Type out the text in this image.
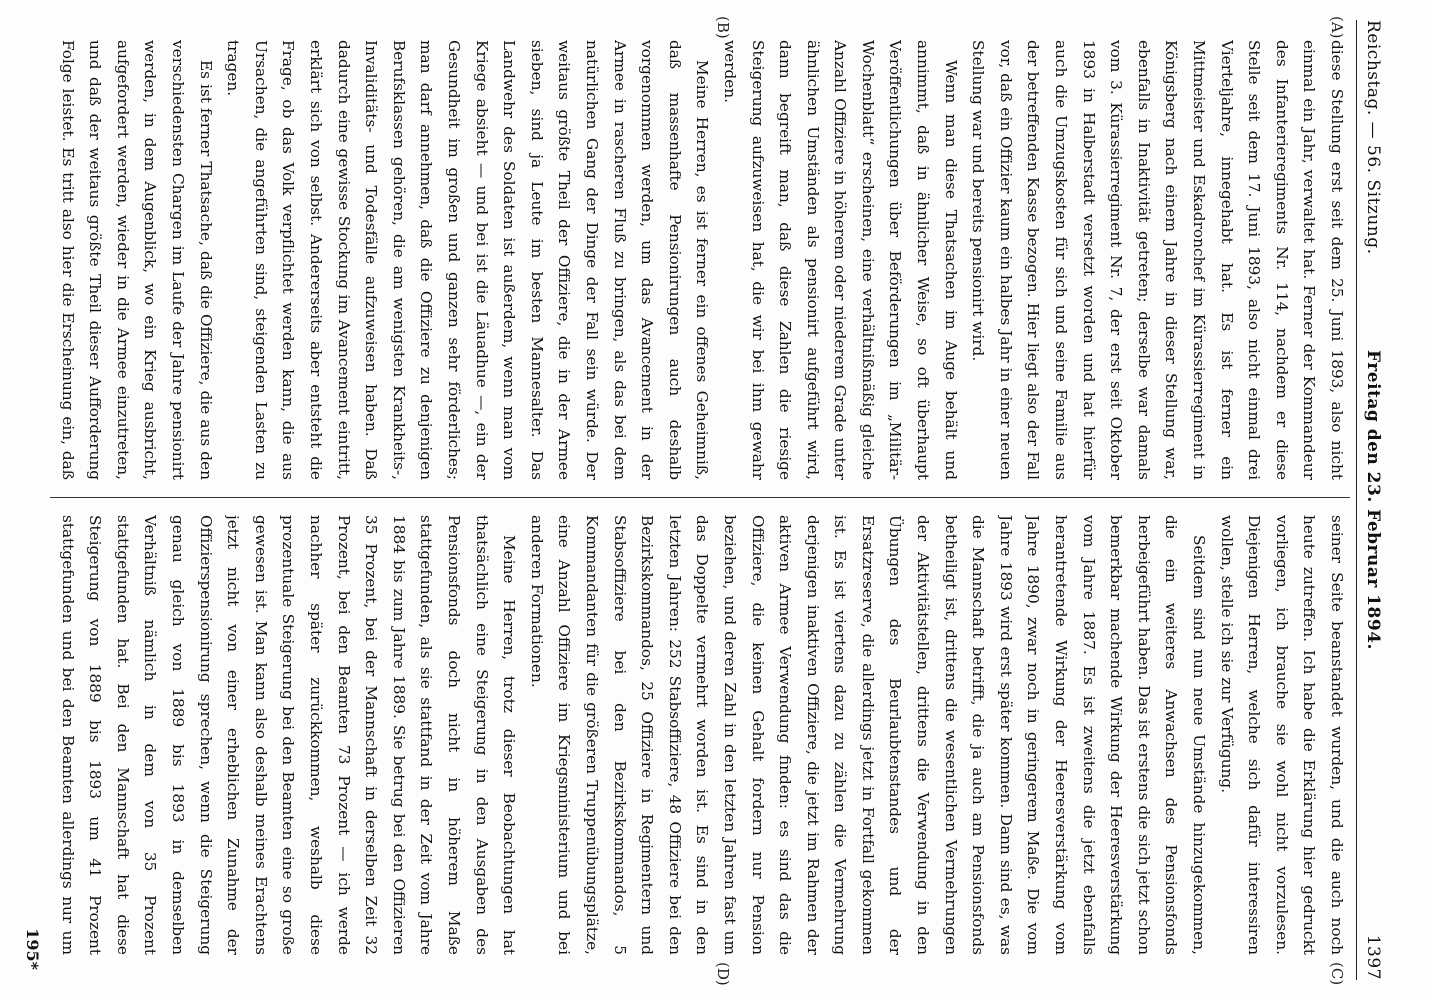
Reichstag. — 56. Sitzung.
Freitag den 23. Februar 1894.
1397
(A)
(B)
(C)
(D)

diese Stellung erst seit dem 25. Juni 1893, also nicht einmal ein Jahr, verwaltet hat. Ferner der Kommandeur des Infanterieregiments Nr. 114, nachdem er diese Stelle seit dem 17. Juni 1893, also nicht einmal drei Vierteljahre, innegehabt hat. Es ist ferner ein Mittmeister und Eskadronchef im Kürassierregiment in Königsberg nach einem Jahre in dieser Stellung war, ebenfalls in Inaktivität getreten; derselbe war damals vom 3. Kürassierregiment Nr. 7, der erst seit Oktober 1893 in Halberstadt versetzt worden und hat hierfür auch die Umzugskosten für sich und seine Familie aus der betreffenden Kasse bezogen. Hier liegt also der Fall vor, daß ein Offizier kaum ein halbes Jahr in einer neuen Stellung war und bereits pensionirt wird.

Wenn man diese Thatsachen im Auge behält und annimmt, daß in ähnlicher Weise, so oft überhaupt Veröffentlichungen über Beförderungen im „Militär-Wochenblatt“ erscheinen, eine verhältnißmäßig gleiche Anzahl Offiziere in höherem oder niederem Grade unter ähnlichen Umständen als pensionirt aufgeführt wird, dann begreift man, daß diese Zahlen die riesige Steigerung aufzuweisen hat, die wir bei ihm gewahr werden.

Meine Herren, es ist ferner ein offenes Geheimniß, daß massenhafte Pensionirungen auch deshalb vorgenommen werden, um das Avancement in der Armee in rascheren Fluß zu bringen, als das bei dem natürlichen Gang der Dinge der Fall sein würde. Der weitaus größte Theil der Offiziere, die in der Armee sieben, sind ja Leute im besten Mannesalter. Das Landwehr des Soldaten ist außerdem, wenn man vom Kriege absieht — und bei ist die Läuadhue —, ein der Gesundheit im großen und ganzen sehr förderliches; man darf annehmen, daß die Offiziere zu denjenigen Berufsklassen gehören, die am wenigsten Krankheits-, Invaliditäts- und Todesfälle aufzuweisen haben. Daß dadurch eine gewisse Stockung im Avancement eintritt, erklärt sich von selbst. Andererseits aber entsteht die Frage, ob das Volk verpflichtet werden kann, die aus Ursachen, die angeführten sind, steigenden Lasten zu tragen.

Es ist ferner Thatsache, daß die Offiziere, die aus den verschiedensten Chargen im Laufe der Jahre pensionirt werden, in dem Augenblick, wo ein Krieg ausbricht, aufgefordert werden, wieder in die Armee einzutreten, und daß der weitaus größte Theil dieser Aufforderung Folge leistet. Es tritt also hier die Erscheinung ein, daß

seiner Seite beanstandet wurden, und die auch noch heute zutreffen. Ich habe die Erklärung hier gedruckt vorliegen, ich brauche sie wohl nicht vorzulesen. Diejenigen Herren, welche sich dafür interessiren wollen, stelle ich sie zur Verfügung.

Seitdem sind nun neue Umstände hinzugekommen, die ein weiteres Anwachsen des Pensionsfonds herbeigeführt haben. Das ist erstens die sich jetzt schon bemerkbar machende Wirkung der Heeresverstärkung vom Jahre 1887. Es ist zweitens die jetzt ebenfalls herantretende Wirkung der Heeresverstärkung vom Jahre 1890, zwar noch in geringerem Maße. Die vom Jahre 1893 wird erst später kommen. Dann sind es, was die Mannschaft betrifft, die ja auch am Pensionsfonds betheiligt ist, drittens die wesentlichen Vermehrungen der Aktivitätstellen, drittens die Verwendung in den Übungen des Beurlaubtenstandes und der Ersatzreserve, die allerdings jetzt in Fortfall gekommen ist. Es ist viertens dazu zu zählen die Vermehrung derjenigen inaktiven Offiziere, die jetzt im Rahmen der aktiven Armee Verwendung finden: es sind das die Offiziere, die keinen Gehalt fordern nur Pension beziehen, und deren Zahl in den letzten Jahren fast um das Doppelte vermehrt worden ist. Es sind in den letzten Jahren: 252 Stabsoffiziere, 48 Offiziere bei den Bezirkskommandos, 25 Offiziere in Regimentern und Stabsoffiziere bei den Bezirkskommandos, 5 Kommandanten für die größeren Truppenübungsplätze, eine Anzahl Offiziere im Kriegsministerium und bei anderen Formationen.

Meine Herren, trotz dieser Beobachtungen hat thatsächlich eine Steigerung in den Ausgaben des Pensionsfonds doch nicht in höherem Maße stattgefunden, als sie stattfand in der Zeit vom Jahre 1884 bis zum Jahre 1889. Sie betrug bei den Offizieren 35 Prozent, bei der Mannschaft in derselben Zeit 32 Prozent, bei den Beamten 73 Prozent — ich werde nachher später zurückkommen, weshalb diese prozentuale Steigerung bei den Beamten eine so große gewesen ist. Man kann also deshalb meines Erachtens jetzt nicht von einer erheblichen Zunahme der Offizierspensionirung sprechen, wenn die Steigerung genau gleich von 1889 bis 1893 in demselben Verhältniß nämlich in dem von 35 Prozent stattgefunden hat. Bei den Mannschaft hat diese Steigerung von 1889 bis 1893 um 41 Prozent stattgefunden und bei den Beamten allerdings nur um

195*
